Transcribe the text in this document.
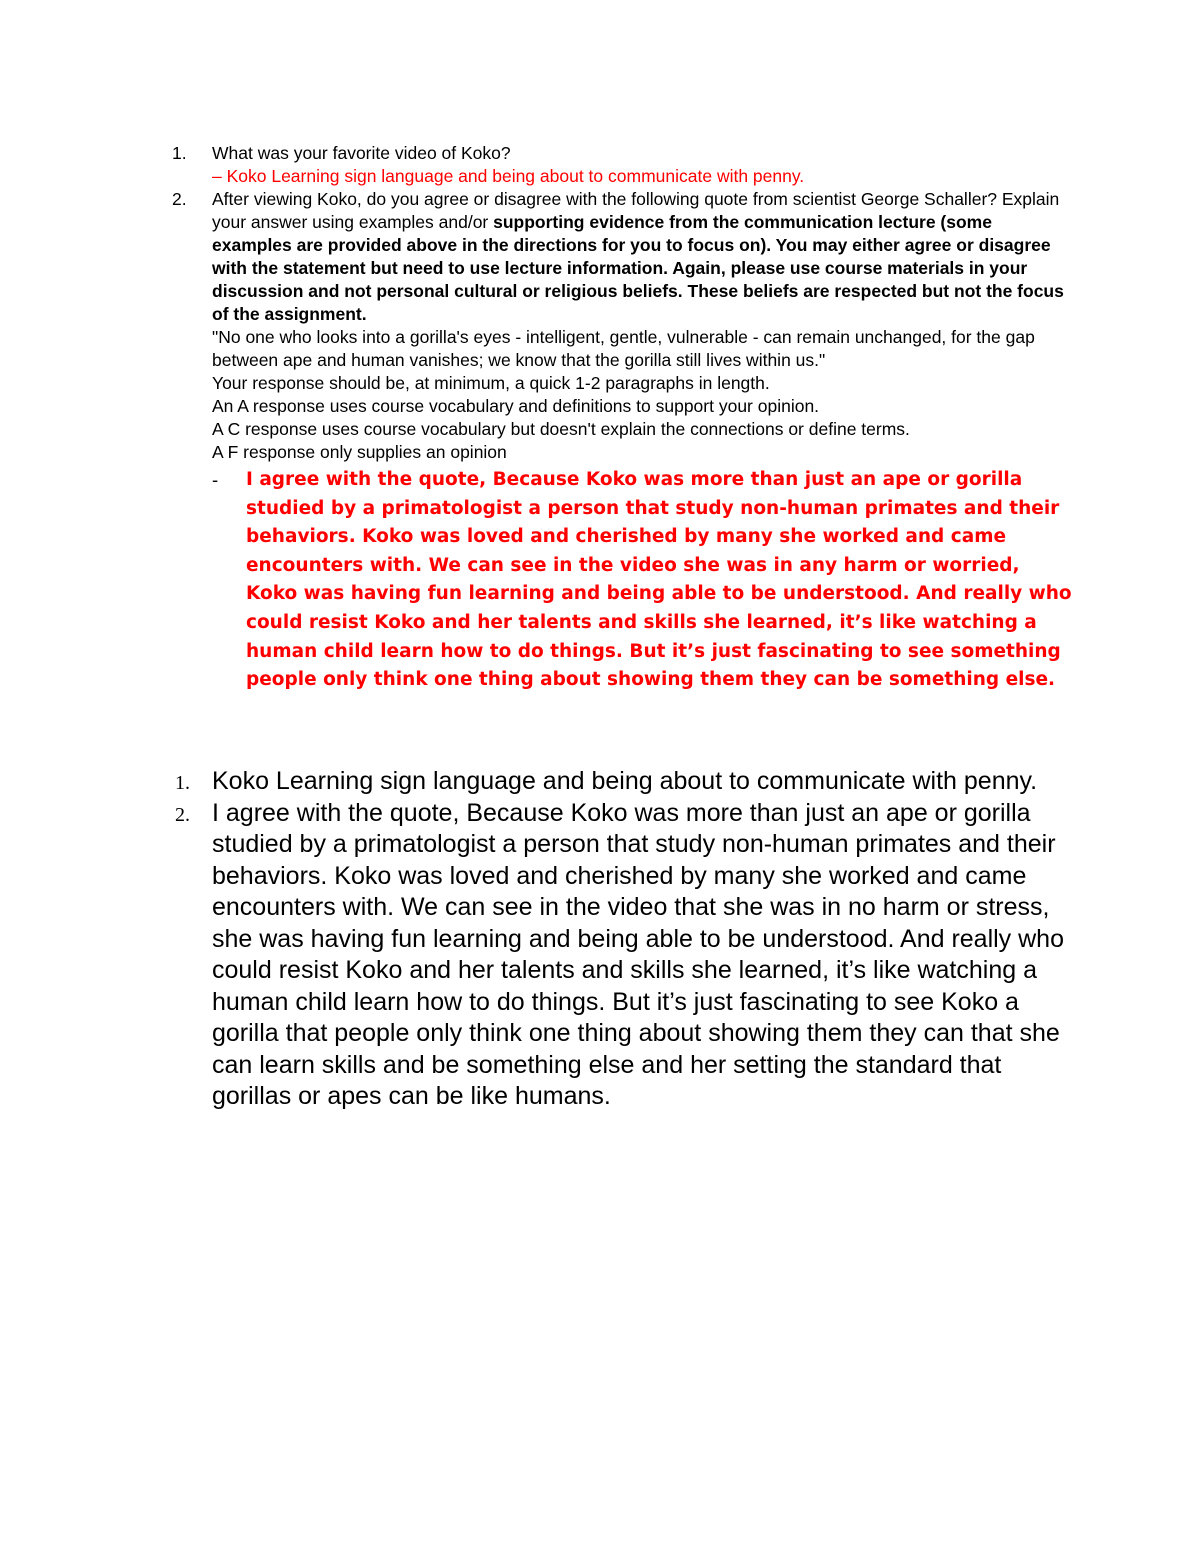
1. What was your favorite video of Koko?
– Koko Learning sign language and being about to communicate with penny.
2. After viewing Koko, do you agree or disagree with the following quote from scientist George Schaller? Explain your answer using examples and/or supporting evidence from the communication lecture (some examples are provided above in the directions for you to focus on). You may either agree or disagree with the statement but need to use lecture information. Again, please use course materials in your discussion and not personal cultural or religious beliefs. These beliefs are respected but not the focus of the assignment.
"No one who looks into a gorilla's eyes - intelligent, gentle, vulnerable - can remain unchanged, for the gap between ape and human vanishes; we know that the gorilla still lives within us."
Your response should be, at minimum, a quick 1-2 paragraphs in length.
An A response uses course vocabulary and definitions to support your opinion.
A C response uses course vocabulary but doesn't explain the connections or define terms.
A F response only supplies an opinion
- I agree with the quote, Because Koko was more than just an ape or gorilla studied by a primatologist a person that study non-human primates and their behaviors. Koko was loved and cherished by many she worked and came encounters with. We can see in the video she was in any harm or worried, Koko was having fun learning and being able to be understood. And really who could resist Koko and her talents and skills she learned, it’s like watching a human child learn how to do things. But it’s just fascinating to see something people only think one thing about showing them they can be something else.
1. Koko Learning sign language and being about to communicate with penny.
2. I agree with the quote, Because Koko was more than just an ape or gorilla studied by a primatologist a person that study non-human primates and their behaviors. Koko was loved and cherished by many she worked and came encounters with. We can see in the video that she was in no harm or stress, she was having fun learning and being able to be understood. And really who could resist Koko and her talents and skills she learned, it’s like watching a human child learn how to do things. But it’s just fascinating to see Koko a gorilla that people only think one thing about showing them they can that she can learn skills and be something else and her setting the standard that gorillas or apes can be like humans.
